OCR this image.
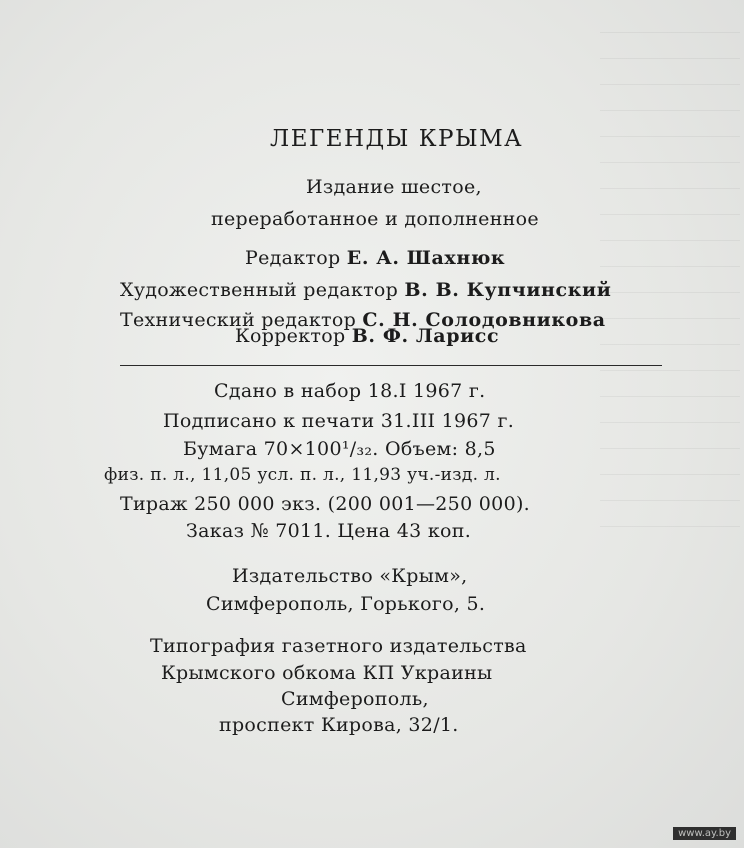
ЛЕГЕНДЫ КРЫМА
Издание шестое,
переработанное и дополненное
Редактор Е. А. Шахнюк
Художественный редактор В. В. Купчинский
Технический редактор С. Н. Солодовникова
Корректор В. Ф. Ларисс
Сдано в набор 18.I 1967 г.
Подписано к печати 31.III 1967 г.
Бумага 70×100¹/₃₂. Объем: 8,5
физ. п. л., 11,05 усл. п. л., 11,93 уч.-изд. л.
Тираж 250 000 экз. (200 001—250 000).
Заказ № 7011. Цена 43 коп.
Издательство «Крым»,
Симферополь, Горького, 5.
Типография газетного издательства
Крымского обкома КП Украины
Симферополь,
проспект Кирова, 32/1.
www.ay.by
